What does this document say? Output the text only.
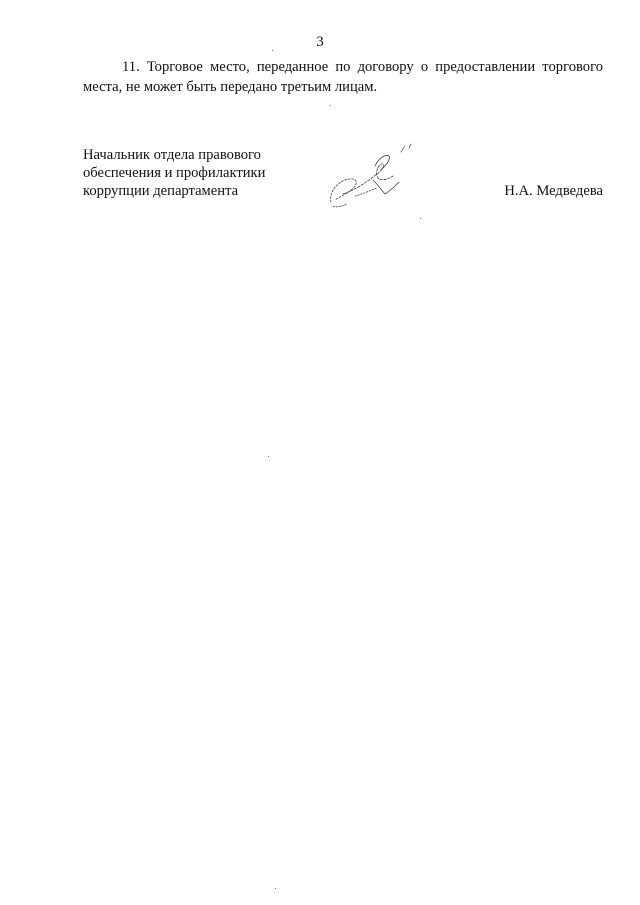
3

11. Торговое место, переданное по договору о предоставлении торгового места, не может быть передано третьим лицам.

Начальник отдела правового
обеспечения и профилактики
коррупции департамента	Н.А. Медведева
